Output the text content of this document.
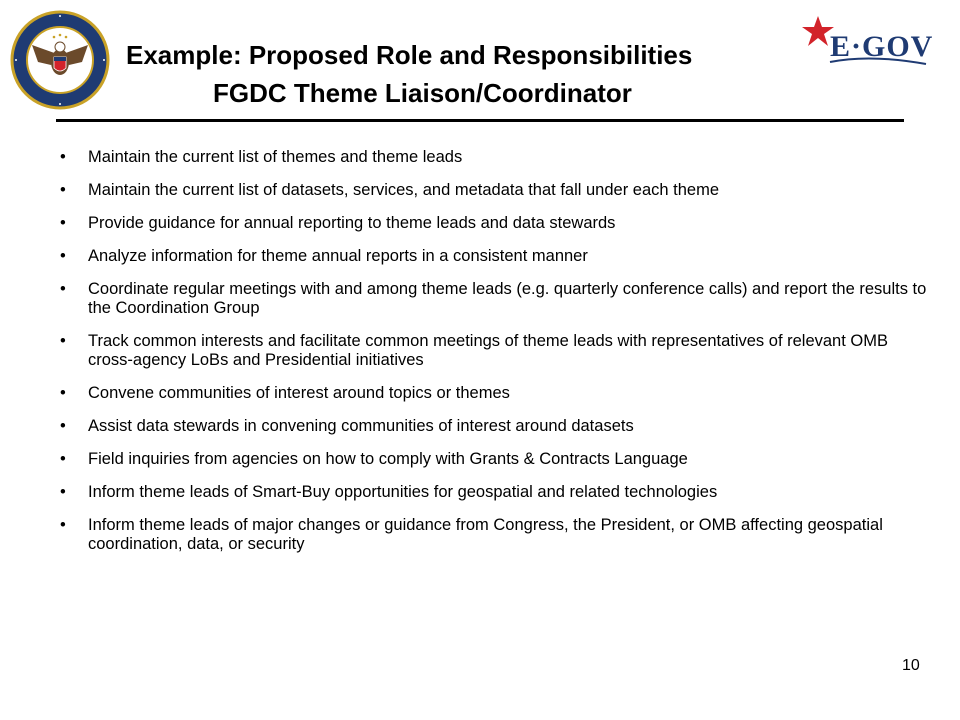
E·GOV
Example: Proposed Role and Responsibilities
FGDC Theme Liaison/Coordinator
• Maintain the current list of themes and theme leads
• Maintain the current list of datasets, services, and metadata that fall under each theme
• Provide guidance for annual reporting to theme leads and data stewards
• Analyze information for theme annual reports in a consistent manner
• Coordinate regular meetings with and among theme leads (e.g. quarterly conference calls) and report the results to the Coordination Group
• Track common interests and facilitate common meetings of theme leads with representatives of relevant OMB cross-agency LoBs and Presidential initiatives
• Convene communities of interest around topics or themes
• Assist data stewards in convening communities of interest around datasets
• Field inquiries from agencies on how to comply with Grants & Contracts Language
• Inform theme leads of Smart-Buy opportunities for geospatial and related technologies
• Inform theme leads of major changes or guidance from Congress, the President, or OMB affecting geospatial coordination, data, or security
10
